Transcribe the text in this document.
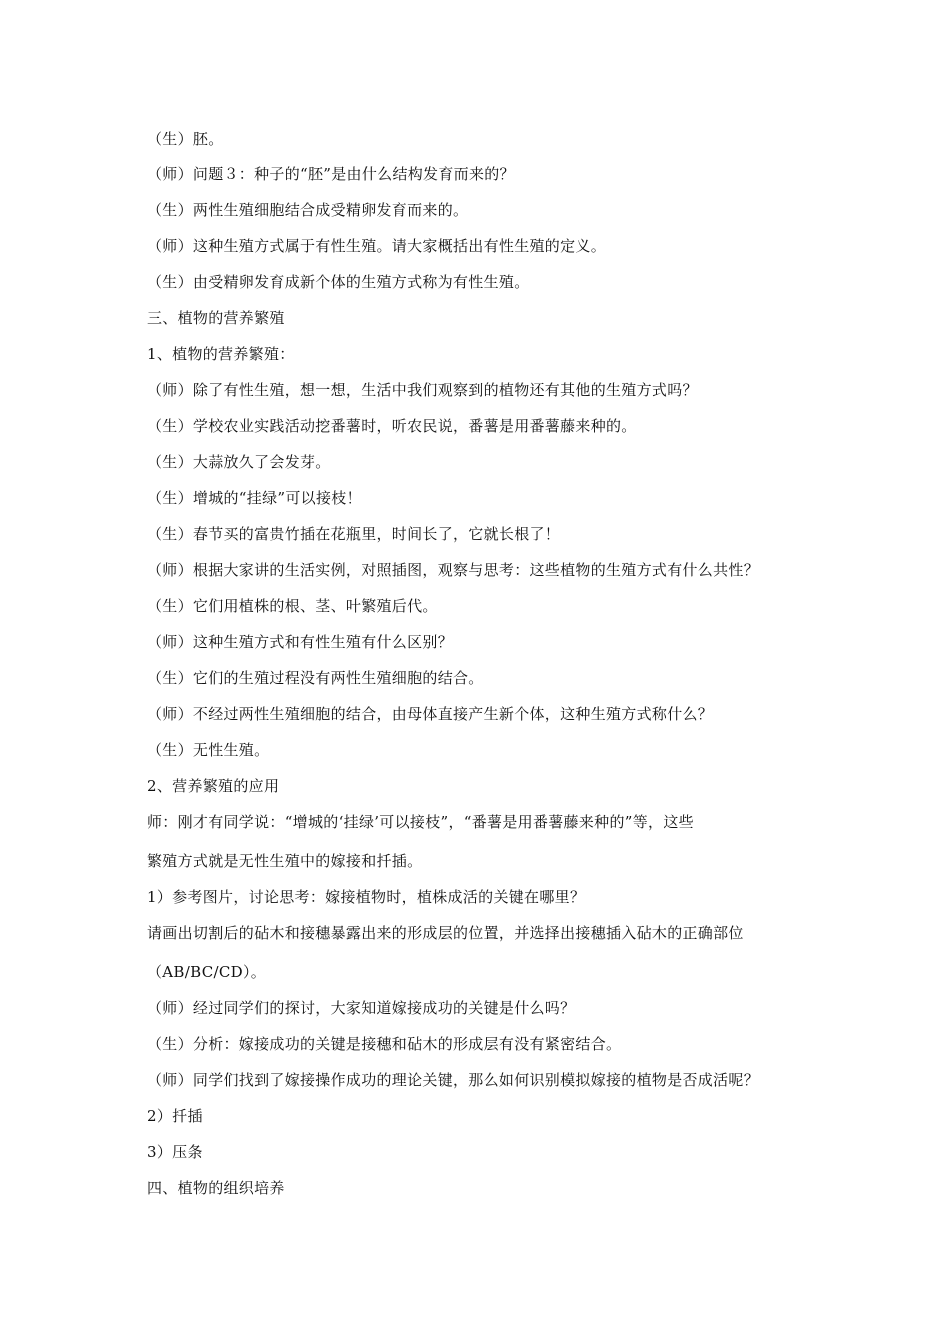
（生）胚。
（师）问题３：种子的“胚”是由什么结构发育而来的？
（生）两性生殖细胞结合成受精卵发育而来的。
（师）这种生殖方式属于有性生殖。请大家概括出有性生殖的定义。
（生）由受精卵发育成新个体的生殖方式称为有性生殖。
三、植物的营养繁殖
1、植物的营养繁殖：
（师）除了有性生殖，想一想，生活中我们观察到的植物还有其他的生殖方式吗？
（生）学校农业实践活动挖番薯时，听农民说，番薯是用番薯藤来种的。
（生）大蒜放久了会发芽。
（生）增城的“挂绿”可以接枝！
（生）春节买的富贵竹插在花瓶里，时间长了，它就长根了！
（师）根据大家讲的生活实例，对照插图，观察与思考：这些植物的生殖方式有什么共性？
（生）它们用植株的根、茎、叶繁殖后代。
（师）这种生殖方式和有性生殖有什么区别？
（生）它们的生殖过程没有两性生殖细胞的结合。
（师）不经过两性生殖细胞的结合，由母体直接产生新个体，这种生殖方式称什么？
（生）无性生殖。
2、营养繁殖的应用
师：刚才有同学说：“增城的‘挂绿’可以接枝”，“番薯是用番薯藤来种的”等，这些
繁殖方式就是无性生殖中的嫁接和扦插。
1）参考图片，讨论思考：嫁接植物时，植株成活的关键在哪里？
请画出切割后的砧木和接穗暴露出来的形成层的位置，并选择出接穗插入砧木的正确部位
（AB/BC/CD）。
（师）经过同学们的探讨，大家知道嫁接成功的关键是什么吗？
（生）分析：嫁接成功的关键是接穗和砧木的形成层有没有紧密结合。
（师）同学们找到了嫁接操作成功的理论关键，那么如何识别模拟嫁接的植物是否成活呢？
2）扦插
3）压条
四、植物的组织培养
